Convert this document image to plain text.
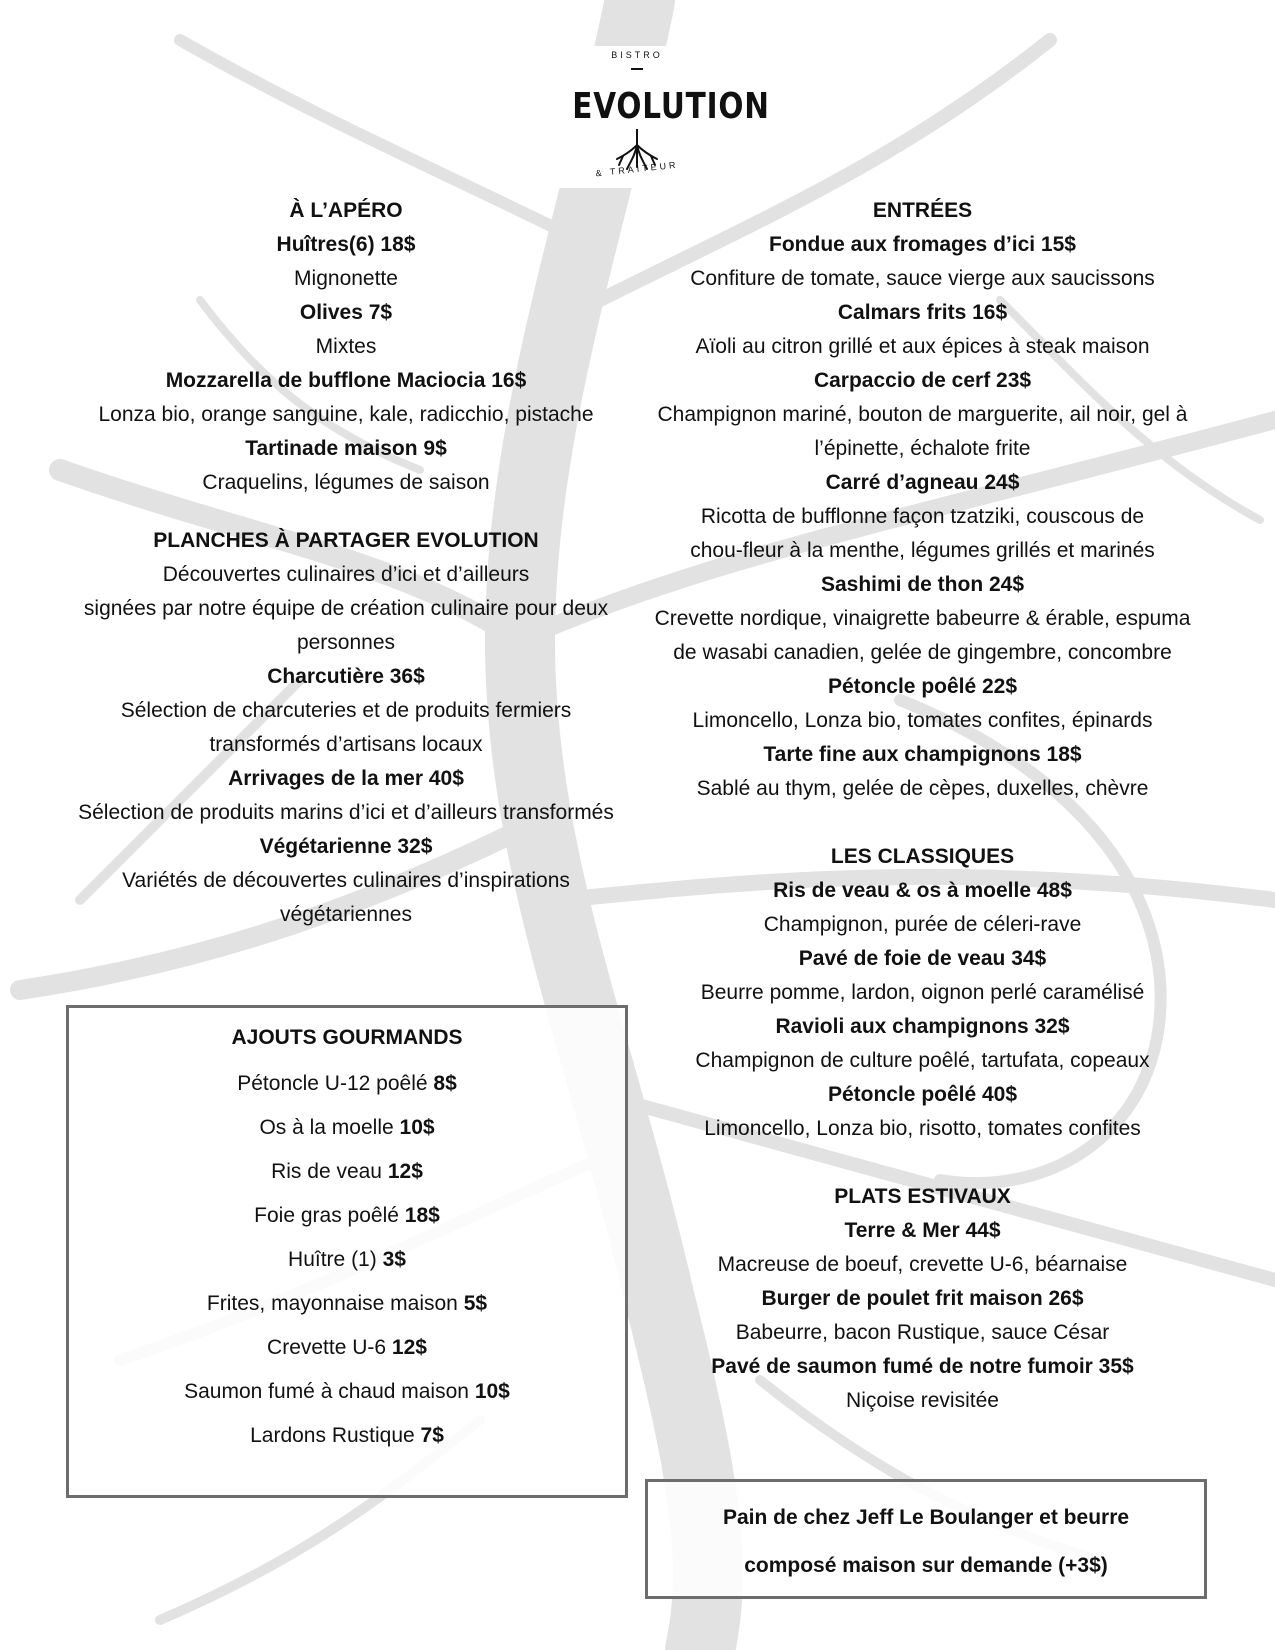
BISTRO
EVOLUTION
& TRAITEUR
À L’APÉRO
Huîtres(6) 18$
Mignonette
Olives 7$
Mixtes
Mozzarella de bufflone Maciocia 16$
Lonza bio, orange sanguine, kale, radicchio, pistache
Tartinade maison 9$
Craquelins, légumes de saison
PLANCHES À PARTAGER EVOLUTION
Découvertes culinaires d’ici et d’ailleurs
signées par notre équipe de création culinaire pour deux
personnes
Charcutière 36$
Sélection de charcuteries et de produits fermiers
transformés d’artisans locaux
Arrivages de la mer 40$
Sélection de produits marins d’ici et d’ailleurs transformés
Végétarienne 32$
Variétés de découvertes culinaires d’inspirations
végétariennes
AJOUTS GOURMANDS
Pétoncle U-12 poêlé 8$
Os à la moelle 10$
Ris de veau 12$
Foie gras poêlé 18$
Huître (1) 3$
Frites, mayonnaise maison 5$
Crevette U-6 12$
Saumon fumé à chaud maison 10$
Lardons Rustique 7$
ENTRÉES
Fondue aux fromages d’ici 15$
Confiture de tomate, sauce vierge aux saucissons
Calmars frits 16$
Aïoli au citron grillé et aux épices à steak maison
Carpaccio de cerf 23$
Champignon mariné, bouton de marguerite, ail noir, gel à
l’épinette, échalote frite
Carré d’agneau 24$
Ricotta de bufflonne façon tzatziki, couscous de
chou-fleur à la menthe, légumes grillés et marinés
Sashimi de thon 24$
Crevette nordique, vinaigrette babeurre & érable, espuma
de wasabi canadien, gelée de gingembre, concombre
Pétoncle poêlé 22$
Limoncello, Lonza bio, tomates confites, épinards
Tarte fine aux champignons 18$
Sablé au thym, gelée de cèpes, duxelles, chèvre
LES CLASSIQUES
Ris de veau & os à moelle 48$
Champignon, purée de céleri-rave
Pavé de foie de veau 34$
Beurre pomme, lardon, oignon perlé caramélisé
Ravioli aux champignons 32$
Champignon de culture poêlé, tartufata, copeaux
Pétoncle poêlé 40$
Limoncello, Lonza bio, risotto, tomates confites
PLATS ESTIVAUX
Terre & Mer 44$
Macreuse de boeuf, crevette U-6, béarnaise
Burger de poulet frit maison 26$
Babeurre, bacon Rustique, sauce César
Pavé de saumon fumé de notre fumoir 35$
Niçoise revisitée
Pain de chez Jeff Le Boulanger et beurre
composé maison sur demande (+3$)
